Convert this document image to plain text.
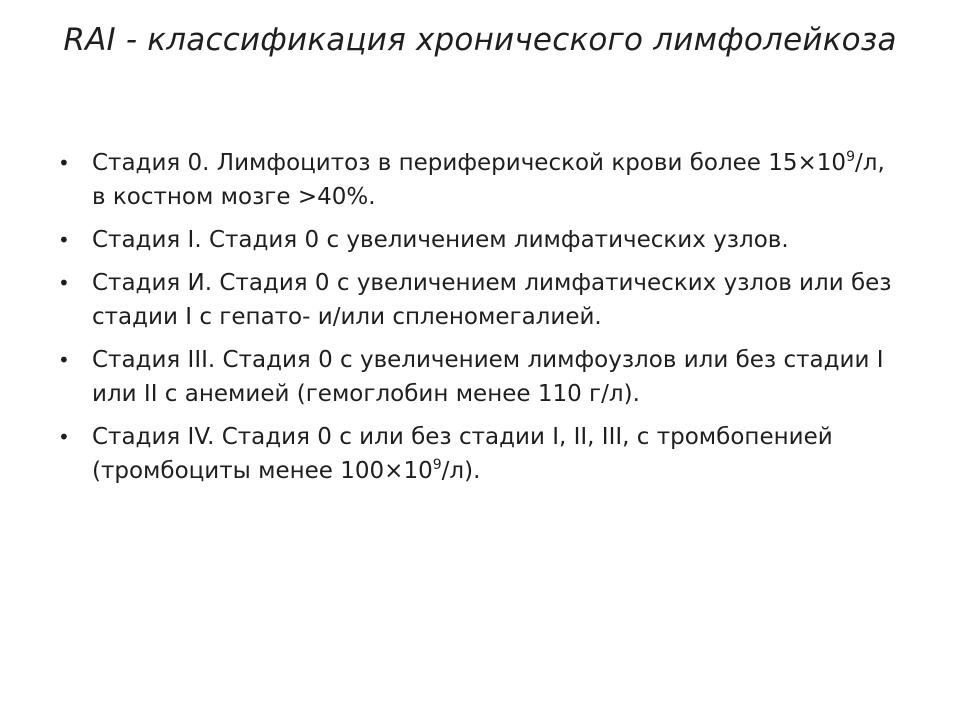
RAI - классификация хронического лимфолейкоза
• Стадия 0. Лимфоцитоз в периферической крови более $15\times 10^9/л$, в костном мозге >40%.
• Стадия I. Стадия 0 с увеличением лимфатических узлов.
• Стадия И. Стадия 0 с увеличением лимфатических узлов или без стадии I с гепато- и/или спленомегалией.
• Стадия III. Стадия 0 с увеличением лимфоузлов или без стадии I или II с анемией (гемоглобин менее 110 г/л).
• Стадия IV. Стадия 0 с или без стадии I, II, III, с тромбопенией (тромбоциты менее $100\times 10^9/л$).
